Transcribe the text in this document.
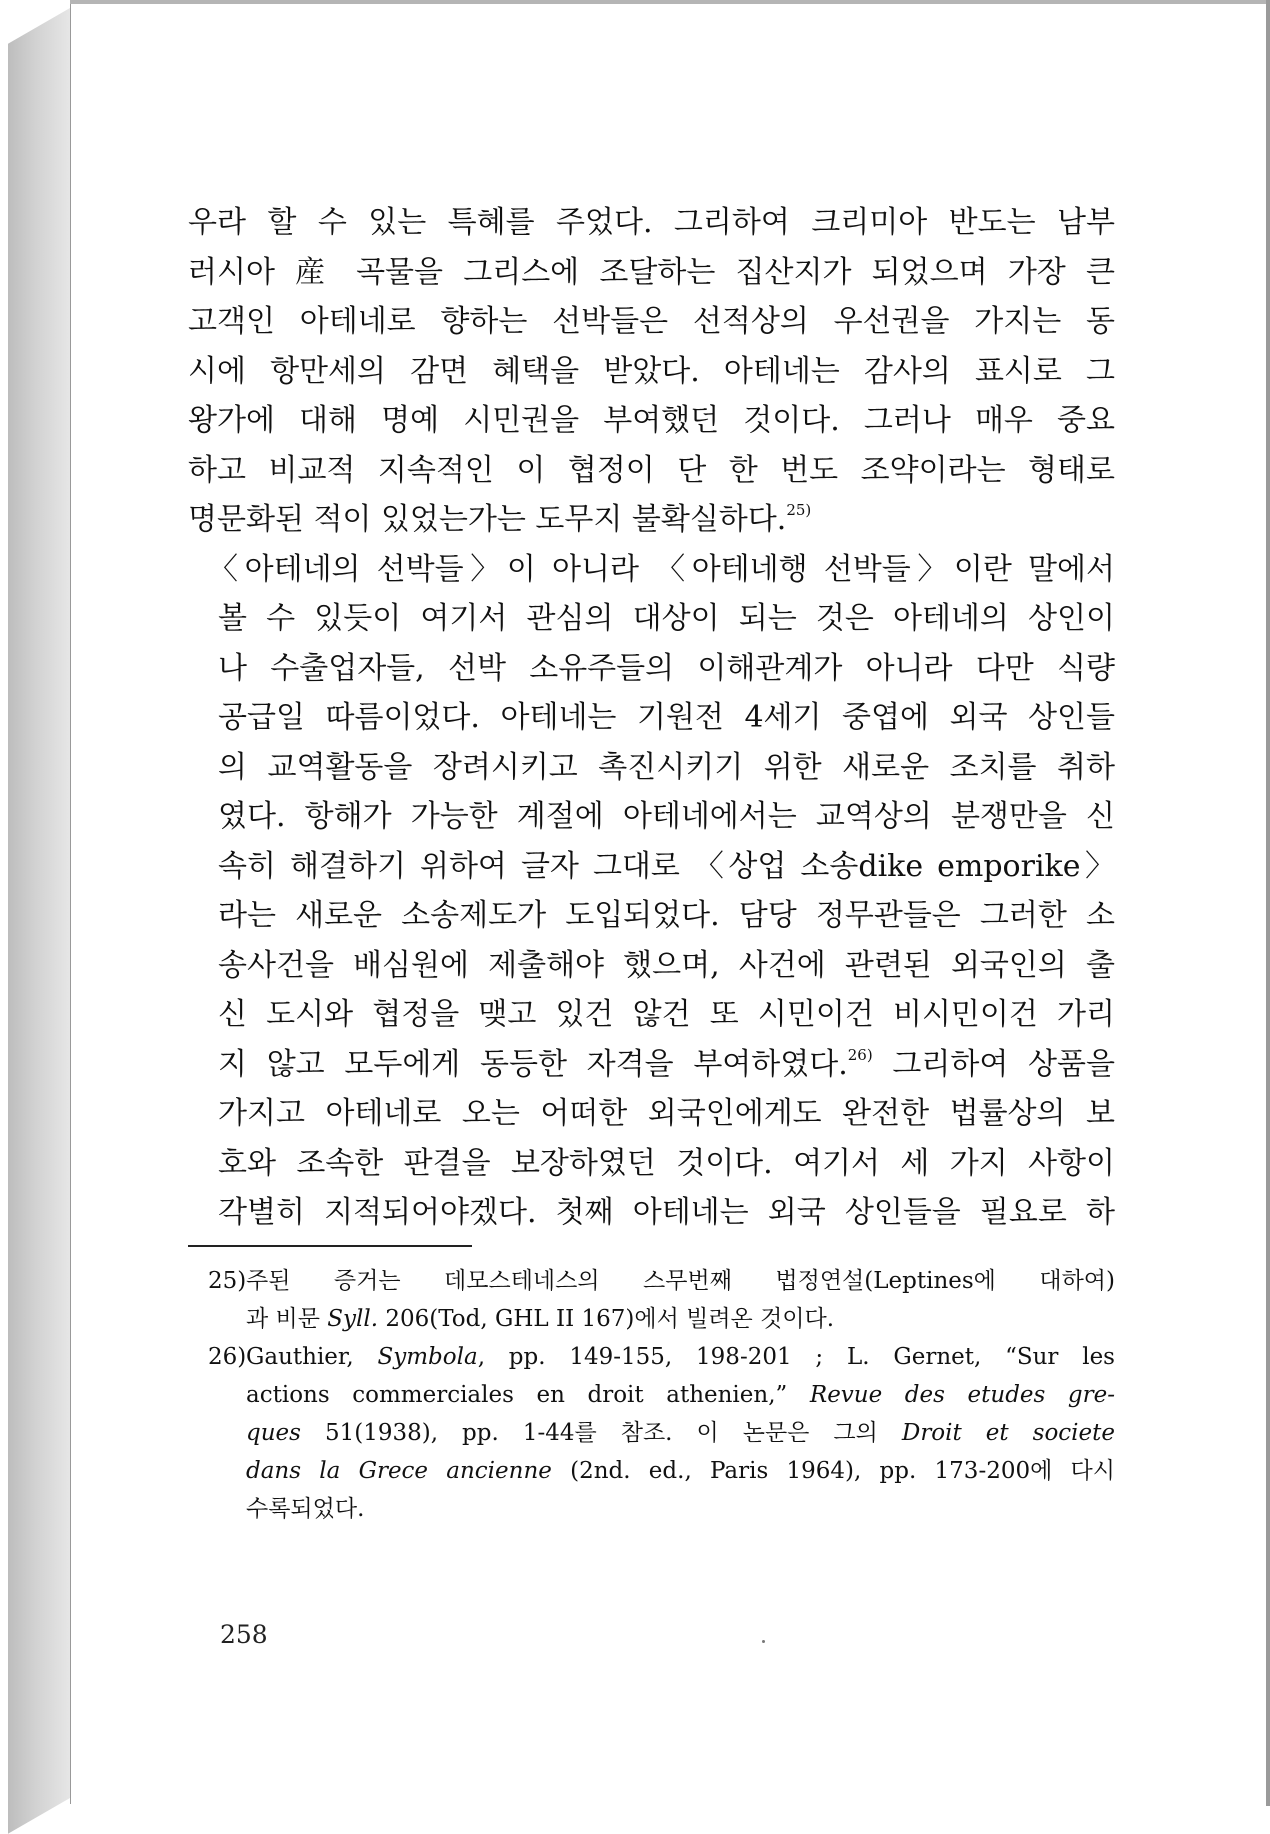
우라 할 수 있는 특혜를 주었다. 그리하여 크리미아 반도는 남부
러시아 産 곡물을 그리스에 조달하는 집산지가 되었으며 가장 큰
고객인 아테네로 향하는 선박들은 선적상의 우선권을 가지는 동
시에 항만세의 감면 혜택을 받았다. 아테네는 감사의 표시로 그
왕가에 대해 명예 시민권을 부여했던 것이다. 그러나 매우 중요
하고 비교적 지속적인 이 협정이 단 한 번도 조약이라는 형태로
명문화된 적이 있었는가는 도무지 불확실하다.$^{25)}$

〈아테네의 선박들〉이 아니라 〈아테네행 선박들〉이란 말에서
볼 수 있듯이 여기서 관심의 대상이 되는 것은 아테네의 상인이
나 수출업자들, 선박 소유주들의 이해관계가 아니라 다만 식량
공급일 따름이었다. 아테네는 기원전 4세기 중엽에 외국 상인들
의 교역활동을 장려시키고 촉진시키기 위한 새로운 조치를 취하
였다. 항해가 가능한 계절에 아테네에서는 교역상의 분쟁만을 신
속히 해결하기 위하여 글자 그대로 〈상업 소송dike emporike〉
라는 새로운 소송제도가 도입되었다. 담당 정무관들은 그러한 소
송사건을 배심원에 제출해야 했으며, 사건에 관련된 외국인의 출
신 도시와 협정을 맺고 있건 않건 또 시민이건 비시민이건 가리
지 않고 모두에게 동등한 자격을 부여하였다.$^{26)}$ 그리하여 상품을
가지고 아테네로 오는 어떠한 외국인에게도 완전한 법률상의 보
호와 조속한 판결을 보장하였던 것이다. 여기서 세 가지 사항이
각별히 지적되어야겠다. 첫째 아테네는 외국 상인들을 필요로 하

25) 주된 증거는 데모스테네스의 스무번째 법정연설(Leptines에 대하여)
과 비문 Syll. 206(Tod, GHL II 167)에서 빌려온 것이다.
26) Gauthier, Symbola, pp. 149-155, 198-201 ; L. Gernet, “Sur les
actions commerciales en droit athenien,” Revue des etudes gre-
ques 51(1938), pp. 1-44를 참조. 이 논문은 그의 Droit et societe
dans la Grece ancienne (2nd. ed., Paris 1964), pp. 173-200에 다시
수록되었다.
258
